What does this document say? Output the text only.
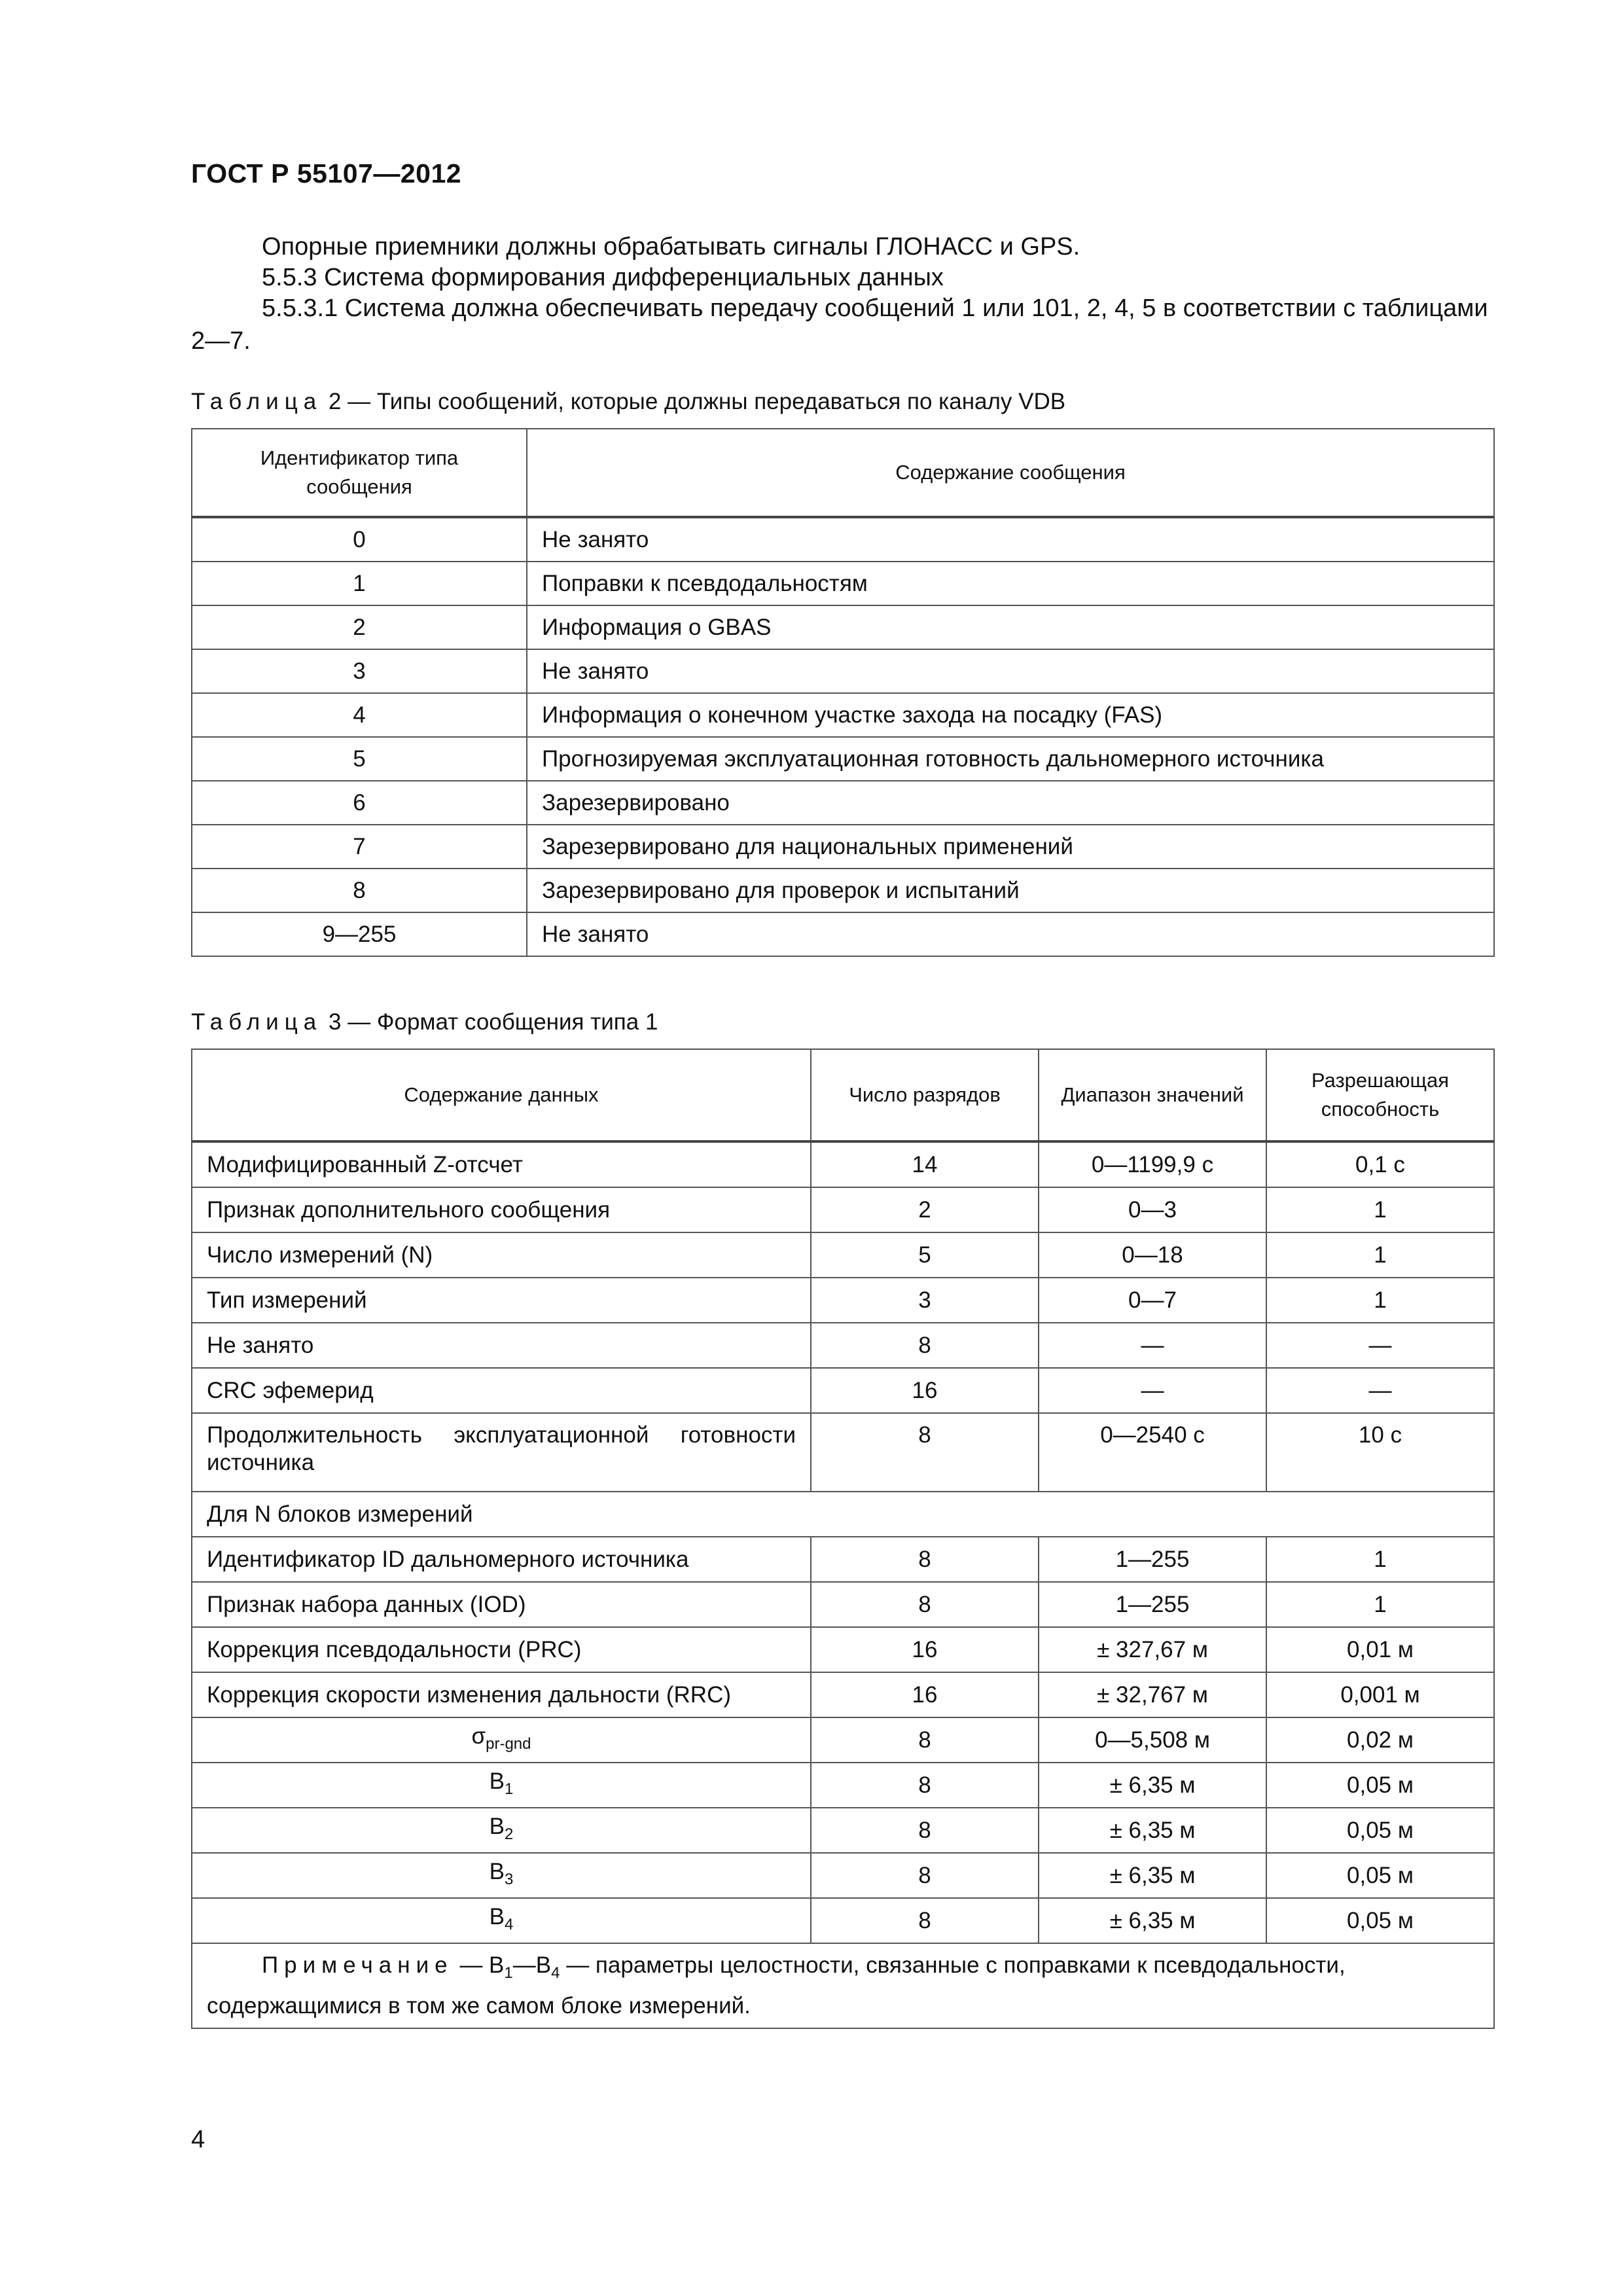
ГОСТ Р 55107—2012
Опорные приемники должны обрабатывать сигналы ГЛОНАСС и GPS.
5.5.3 Система формирования дифференциальных данных
5.5.3.1 Система должна обеспечивать передачу сообщений 1 или 101, 2, 4, 5 в соответствии с таблицами 2—7.
Таблица 2 — Типы сообщений, которые должны передаваться по каналу VDB
Идентификатор типа сообщения	Содержание сообщения
0	Не занято
1	Поправки к псевдодальностям
2	Информация о GBAS
3	Не занято
4	Информация о конечном участке захода на посадку (FAS)
5	Прогнозируемая эксплуатационная готовность дальномерного источника
6	Зарезервировано
7	Зарезервировано для национальных применений
8	Зарезервировано для проверок и испытаний
9—255	Не занято
Таблица 3 — Формат сообщения типа 1
Содержание данных	Число разрядов	Диапазон значений	Разрешающая способность
Модифицированный Z-отсчет	14	0—1199,9 с	0,1 с
Признак дополнительного сообщения	2	0—3	1
Число измерений (N)	5	0—18	1
Тип измерений	3	0—7	1
Не занято	8	—	—
CRC эфемерид	16	—	—
Продолжительность эксплуатационной готовности источника	8	0—2540 с	10 с
Для N блоков измерений			
Идентификатор ID дальномерного источника	8	1—255	1
Признак набора данных (IOD)	8	1—255	1
Коррекция псевдодальности (PRC)	16	± 327,67 м	0,01 м
Коррекция скорости изменения дальности (RRC)	16	± 32,767 м	0,001 м
$\sigma_{pr-gnd}$	8	0—5,508 м	0,02 м
$B_1$	8	± 6,35 м	0,05 м
$B_2$	8	± 6,35 м	0,05 м
$B_3$	8	± 6,35 м	0,05 м
$B_4$	8	± 6,35 м	0,05 м
Примечание — $B_1—B_4$ — параметры целостности, связанные с поправками к псевдодальности, содержащимися в том же самом блоке измерений.			
4
